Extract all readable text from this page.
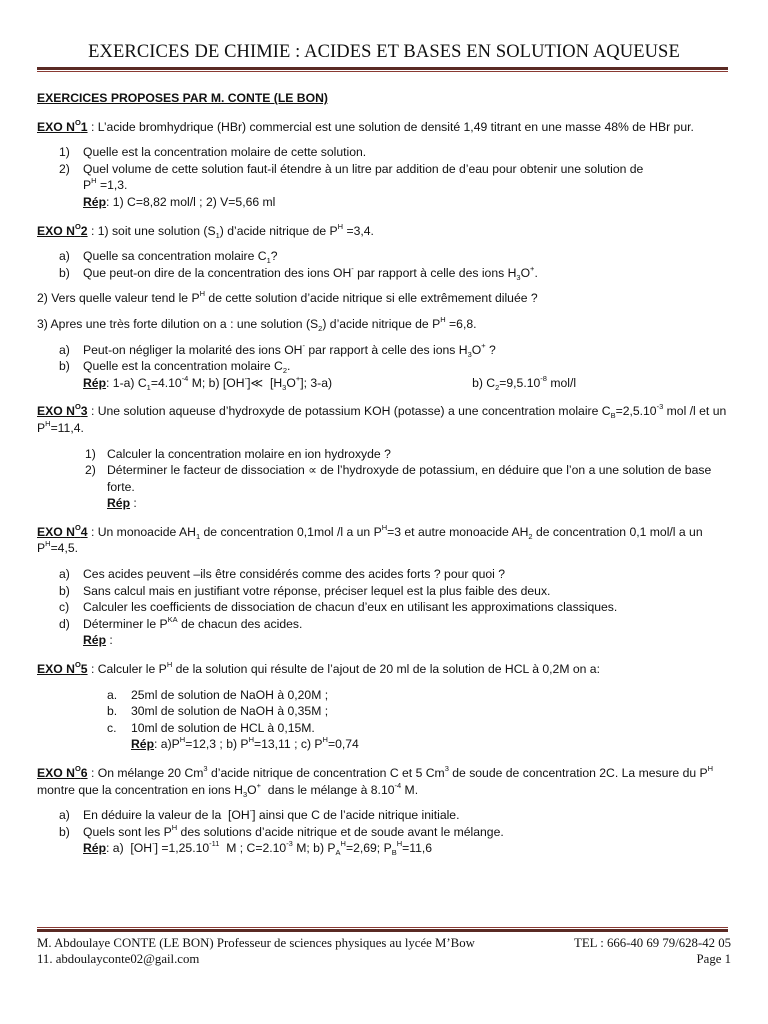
EXERCICES DE CHIMIE : ACIDES ET BASES EN SOLUTION AQUEUSE

EXERCICES PROPOSES PAR M. CONTE (LE BON)

EXO $N^O1$ : L’acide bromhydrique (HBr) commercial est une solution de densité 1,49 titrant en une masse 48% de HBr pur.

1) Quelle est la concentration molaire de cette solution.
2) Quel volume de cette solution faut-il étendre à un litre par addition de d’eau pour obtenir une solution de
$P^H =1,3$.
Rép: 1) C=8,82 mol/l ; 2) V=5,66 ml

EXO $N^O2$ : 1) soit une solution $(S_1)$ d’acide nitrique de $P^H =3,4$.

a) Quelle sa concentration molaire $C_1$?
b) Que peut-on dire de la concentration des ions OH- par rapport à celle des ions $H_3O^+$.

2) Vers quelle valeur tend le $P^H$ de cette solution d’acide nitrique si elle extrêmement diluée ?

3) Apres une très forte dilution on a : une solution $(S_2)$ d’acide nitrique de $P^H =6,8$.

a) Peut-on négliger la molarité des ions OH- par rapport à celle des ions $H_3O^+$ ?
b) Quelle est la concentration molaire $C_2$.
Rép: 1-a) $C_1=4.10^{-4}$ M; b) [OH-]≪  $[H_3O^+]$; 3-a)	b) $C_2=9,5.10^{-8}$ mol/l

EXO $N^O3$ : Une solution aqueuse d’hydroxyde de potassium KOH (potasse) a une concentration molaire $C_B=2,5.10^{-3}$ mol /l et un $P^H=11,4$.

1) Calculer la concentration molaire en ion hydroxyde ?
2) Déterminer le facteur de dissociation ∝ de l’hydroxyde de potassium, en déduire que l’on a une solution de base forte.
Rép :

EXO $N^O4$ : Un monoacide $AH_1$ de concentration 0,1mol /l a un $P^H=3$ et autre monoacide $AH_2$ de concentration 0,1 mol/l a un $P^H=4,5$.

a) Ces acides peuvent –ils être considérés comme des acides forts ? pour quoi ?
b) Sans calcul mais en justifiant votre réponse, préciser lequel est la plus faible des deux.
c) Calculer les coefficients de dissociation de chacun d’eux en utilisant les approximations classiques.
d) Déterminer le $P^{KA}$ de chacun des acides.
Rép :

EXO $N^O5$ : Calculer le $P^H$ de la solution qui résulte de l’ajout de 20 ml de la solution de HCL à 0,2M on a:

a. 25ml de solution de NaOH à 0,20M ;
b. 30ml de solution de NaOH à 0,35M ;
c. 10ml de solution de HCL à 0,15M.
Rép: $a)P^H=12,3$ ; b) $P^H=13,11$ ; c) $P^H=0,74$

EXO $N^O6$ : On mélange 20 Cm$^3$ d’acide nitrique de concentration C et 5 Cm$^3$ de soude de concentration 2C. La mesure du $P^H$ montre que la concentration en ions $H_3O^+$  dans le mélange à $8.10^{-4}$ M.

a) En déduire la valeur de la  [OH-] ainsi que C de l’acide nitrique initiale.
b) Quels sont les $P^H$ des solutions d’acide nitrique et de soude avant le mélange.
Rép: a)  $[OH^-] =1,25.10^{-11}$  M ; $C=2.10^{-3}$ M; b) $P_A^H=2,69$; $P_B^H=11,6$
M. Abdoulaye CONTE (LE BON) Professeur de sciences physiques au lycée M’Bow	TEL : 666-40 69 79/628-42 05
11. abdoulayconte02@gail.com	Page 1
